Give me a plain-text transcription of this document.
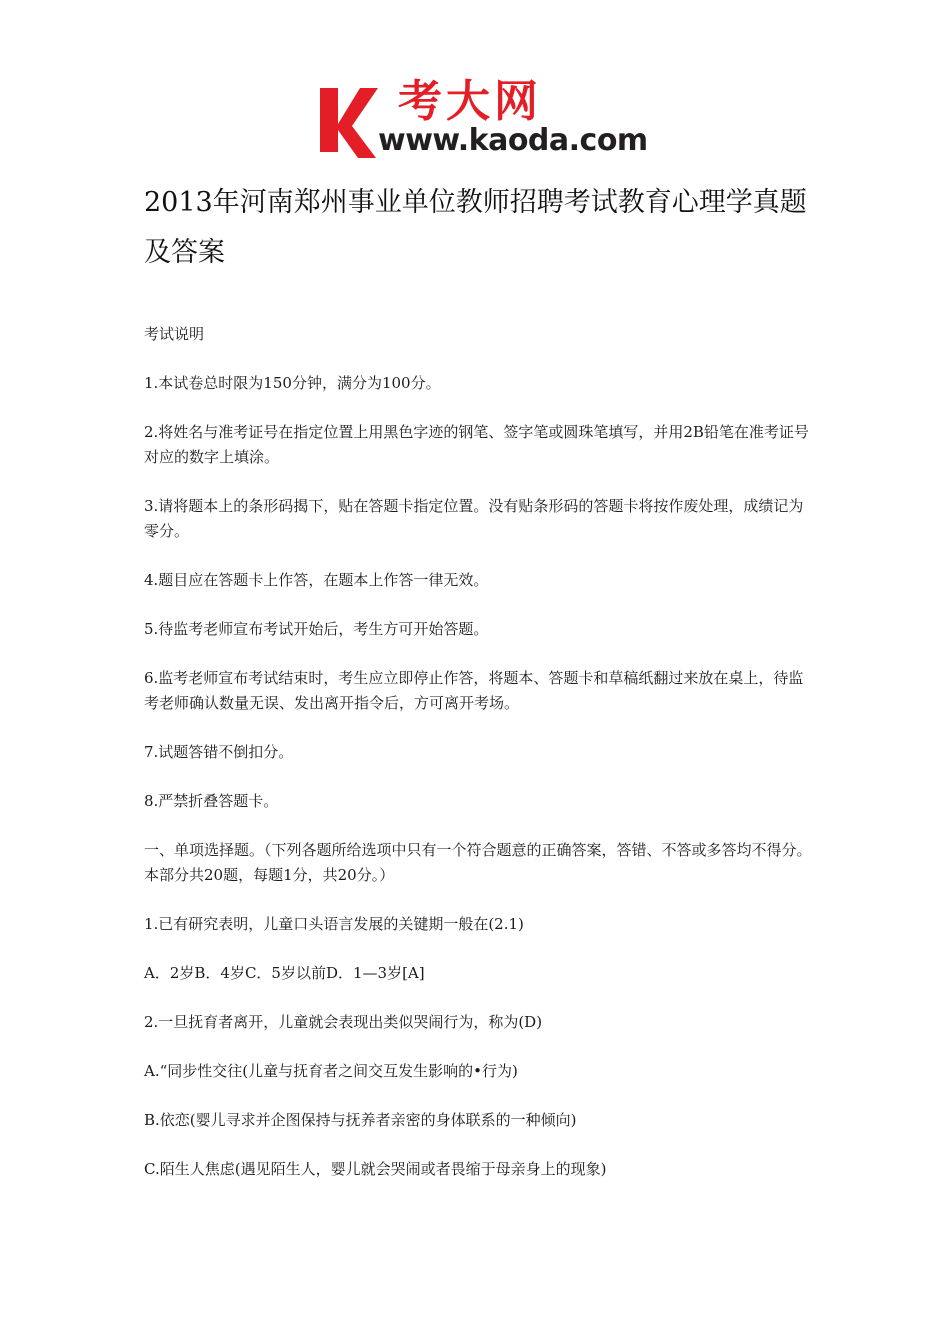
考大网
www.kaoda.com
2013年河南郑州事业单位教师招聘考试教育心理学真题及答案

考试说明

1.本试卷总时限为150分钟，满分为100分。

2.将姓名与准考证号在指定位置上用黑色字迹的钢笔、签字笔或圆珠笔填写，并用2B铅笔在准考证号对应的数字上填涂。

3.请将题本上的条形码揭下，贴在答题卡指定位置。没有贴条形码的答题卡将按作废处理，成绩记为零分。

4.题目应在答题卡上作答，在题本上作答一律无效。

5.待监考老师宣布考试开始后，考生方可开始答题。

6.监考老师宣布考试结束时，考生应立即停止作答，将题本、答题卡和草稿纸翻过来放在桌上，待监考老师确认数量无误、发出离开指令后，方可离开考场。

7.试题答错不倒扣分。

8.严禁折叠答题卡。

一、单项选择题。（下列各题所给选项中只有一个符合题意的正确答案，答错、不答或多答均不得分。本部分共20题，每题1分，共20分。）

1.已有研究表明，儿童口头语言发展的关键期一般在(2.1)

A．2岁B．4岁C．5岁以前D．1—3岁[A]

2.一旦抚育者离开，儿童就会表现出类似哭闹行为，称为(D)

A.“同步性交往(儿童与抚育者之间交互发生影响的•行为)

B.依恋(婴儿寻求并企图保持与抚养者亲密的身体联系的一种倾向)

C.陌生人焦虑(遇见陌生人，婴儿就会哭闹或者畏缩于母亲身上的现象)
